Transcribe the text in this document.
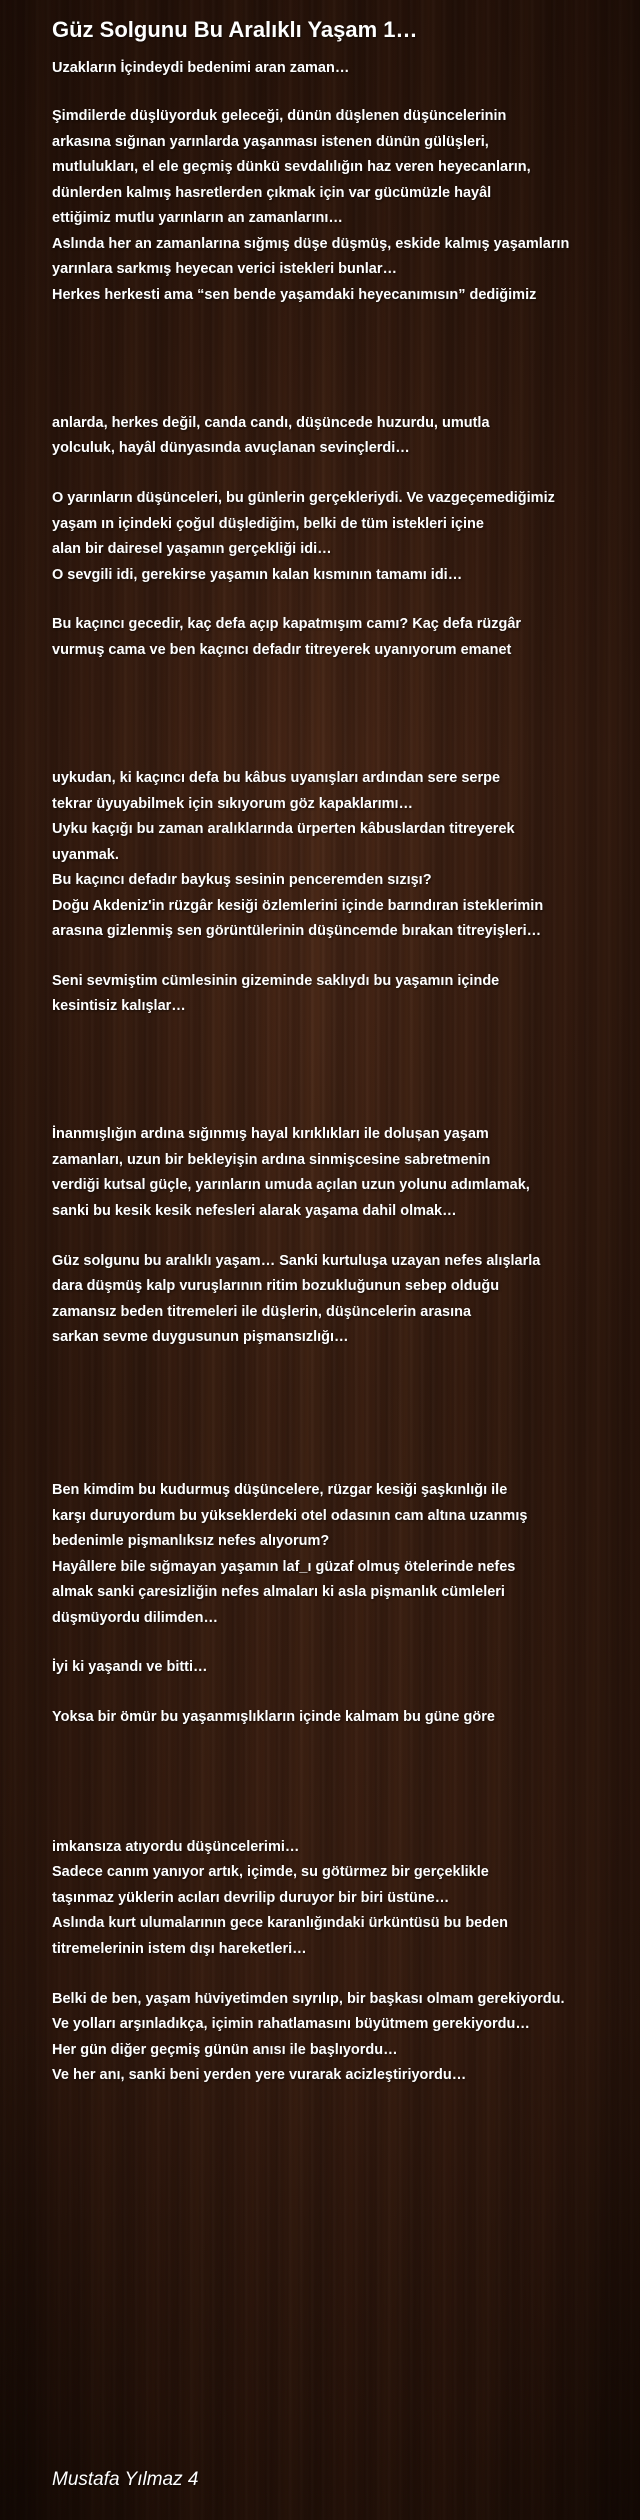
Güz Solgunu Bu Aralıklı Yaşam 1…
Uzakların İçindeydi bedenimi aran zaman…
Şimdilerde düşlüyorduk geleceği, dünün düşlenen düşüncelerinin
arkasına sığınan yarınlarda yaşanması istenen dünün gülüşleri,
mutlulukları, el ele geçmiş dünkü sevdalılığın haz veren heyecanların,
dünlerden kalmış hasretlerden çıkmak için var gücümüzle hayâl
ettiğimiz mutlu yarınların an zamanlarını…
Aslında her an zamanlarına sığmış düşe düşmüş, eskide kalmış yaşamların
yarınlara sarkmış heyecan verici istekleri bunlar…
Herkes herkesti ama “sen bende yaşamdaki heyecanımısın” dediğimiz
anlarda, herkes değil, canda candı, düşüncede huzurdu, umutla
yolculuk, hayâl dünyasında avuçlanan sevinçlerdi…
O yarınların düşünceleri, bu günlerin gerçekleriydi. Ve vazgeçemediğimiz
yaşam ın içindeki çoğul düşlediğim, belki de tüm istekleri içine
alan bir dairesel yaşamın gerçekliği idi…
O sevgili idi, gerekirse yaşamın kalan kısmının tamamı idi…
Bu kaçıncı gecedir, kaç defa açıp kapatmışım camı? Kaç defa rüzgâr
vurmuş cama ve ben kaçıncı defadır titreyerek uyanıyorum emanet
uykudan, ki kaçıncı defa bu kâbus uyanışları ardından sere serpe
tekrar üyuyabilmek için sıkıyorum göz kapaklarımı…
Uyku kaçığı bu zaman aralıklarında ürperten kâbuslardan titreyerek
uyanmak.
Bu kaçıncı defadır baykuş sesinin penceremden sızışı?
Doğu Akdeniz'in rüzgâr kesiği özlemlerini içinde barındıran isteklerimin
arasına gizlenmiş sen görüntülerinin düşüncemde bırakan titreyişleri…
Seni sevmiştim cümlesinin gizeminde saklıydı bu yaşamın içinde
kesintisiz kalışlar…
İnanmışlığın ardına sığınmış hayal kırıklıkları ile dolușan yaşam
zamanları, uzun bir bekleyişin ardına sinmişcesine sabretmenin
verdiği kutsal güçle, yarınların umuda açılan uzun yolunu adımlamak,
sanki bu kesik kesik nefesleri alarak yaşama dahil olmak…
Güz solgunu bu aralıklı yaşam… Sanki kurtuluşa uzayan nefes alışlarla
dara düşmüş kalp vuruşlarının ritim bozukluğunun sebep olduğu
zamansız beden titremeleri ile düşlerin, düşüncelerin arasına
sarkan sevme duygusunun pişmansızlığı…
Ben kimdim bu kudurmuş düşüncelere, rüzgar kesiği şaşkınlığı ile
karşı duruyordum bu yükseklerdeki otel odasının cam altına uzanmış
bedenimle pişmanlıksız nefes alıyorum?
Hayâllere bile sığmayan yaşamın laf_ı güzaf olmuş ötelerinde nefes
almak sanki çaresizliğin nefes almaları ki asla pişmanlık cümleleri
düşmüyordu dilimden…
İyi ki yaşandı ve bitti…
Yoksa bir ömür bu yaşanmışlıkların içinde kalmam bu güne göre
imkansıza atıyordu düşüncelerimi…
Sadece canım yanıyor artık, içimde, su götürmez bir gerçeklikle
taşınmaz yüklerin acıları devrilip duruyor bir biri üstüne…
Aslında kurt ulumalarının gece karanlığındaki ürküntüsü bu beden
titremelerinin istem dışı hareketleri…
Belki de ben, yaşam hüviyetimden sıyrılıp, bir başkası olmam gerekiyordu.
Ve yolları arşınladıkça, içimin rahatlamasını büyütmem gerekiyordu…
Her gün diğer geçmiş günün anısı ile başlıyordu…
Ve her anı, sanki beni yerden yere vurarak acizleştiriyordu…
Mustafa Yılmaz 4
